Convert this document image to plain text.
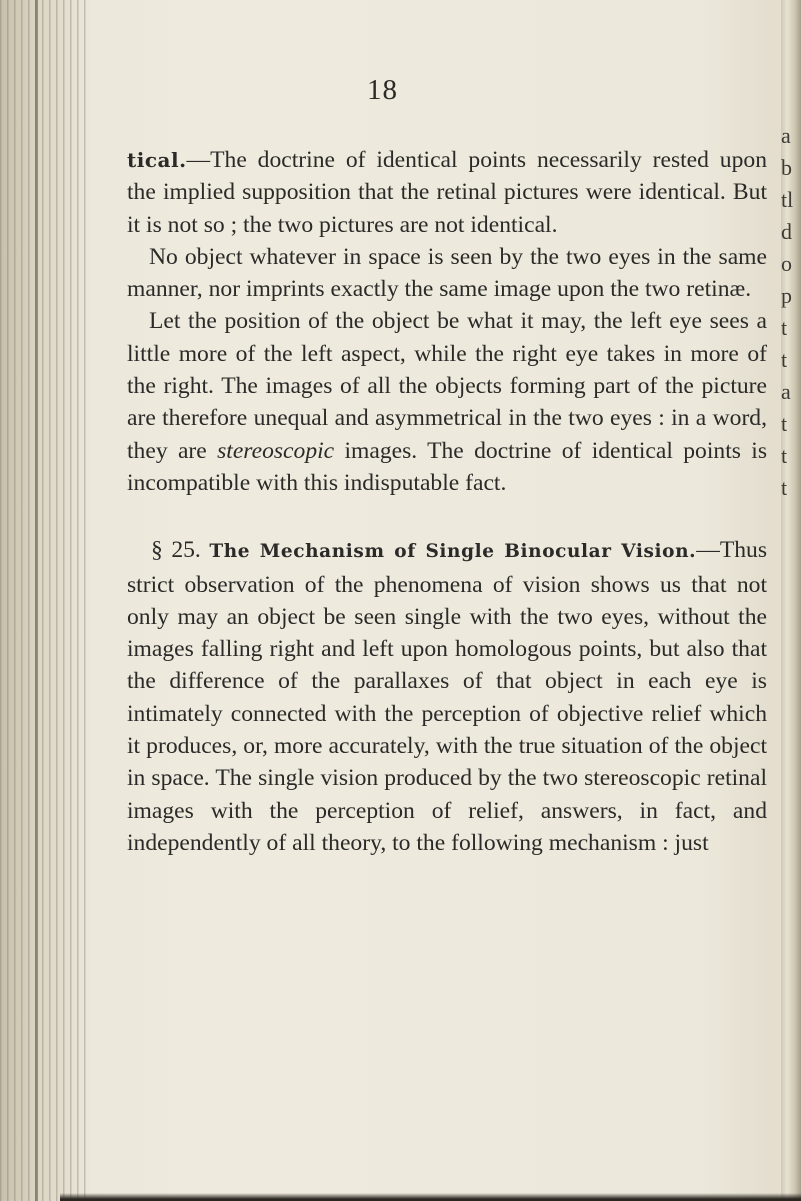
a
b
tl
d
o
p
t
t
a
t
t
t
18

tical.—The doctrine of identical points necessarily rested upon the implied supposition that the retinal pictures were identical. But it is not so ; the two pictures are not identical.

No object whatever in space is seen by the two eyes in the same manner, nor imprints exactly the same image upon the two retinæ.

Let the position of the object be what it may, the left eye sees a little more of the left aspect, while the right eye takes in more of the right. The images of all the objects forming part of the picture are therefore unequal and asymmetrical in the two eyes : in a word, they are stereoscopic images. The doctrine of identical points is incompatible with this indisputable fact.

§ 25. The Mechanism of Single Binocular Vision.—Thus strict observation of the phenomena of vision shows us that not only may an object be seen single with the two eyes, without the images falling right and left upon homologous points, but also that the difference of the parallaxes of that object in each eye is intimately connected with the perception of objective relief which it produces, or, more accurately, with the true situation of the object in space. The single vision produced by the two stereoscopic retinal images with the perception of relief, answers, in fact, and independently of all theory, to the following mechanism : just
